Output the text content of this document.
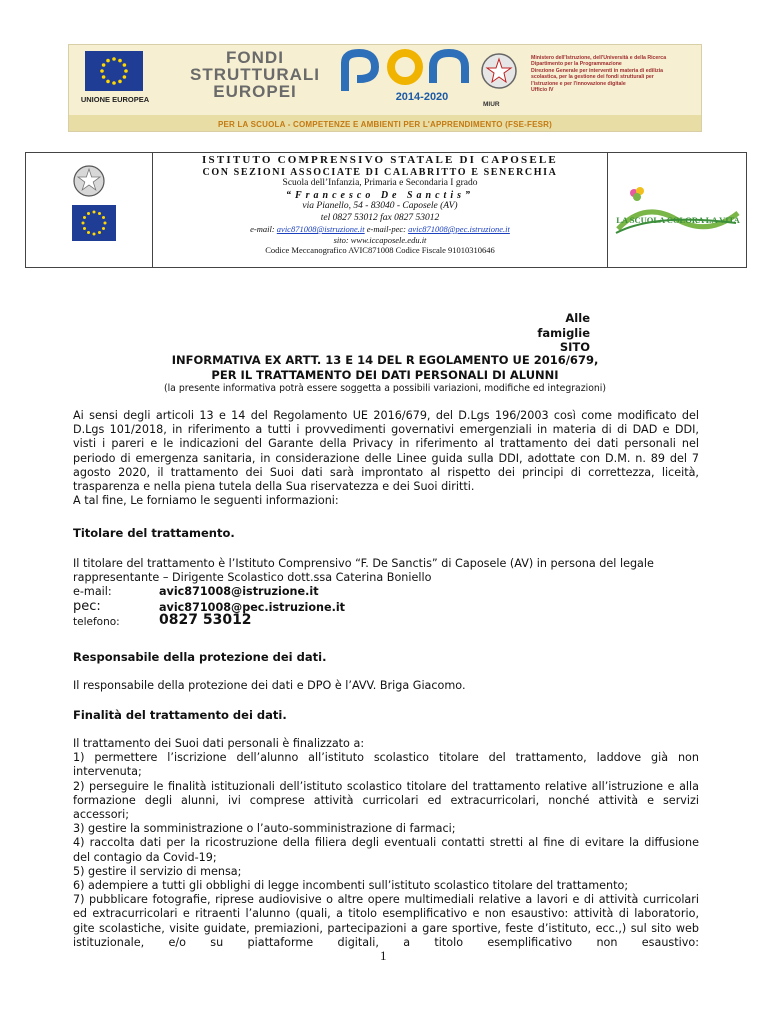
UNIONE EUROPEA
FONDI
STRUTTURALI
EUROPEI	2014-2020
MIUR
Ministero dell'Istruzione, dell'Università e della Ricerca
Dipartimento per la Programmazione
Direzione Generale per interventi in materia di edilizia
scolastica, per la gestione dei fondi strutturali per
l'istruzione e per l'innovazione digitale
Ufficio IV
PER LA SCUOLA - COMPETENZE E AMBIENTI PER L'APPRENDIMENTO (FSE-FESR)
ISTITUTO COMPRENSIVO STATALE DI CAPOSELE
CON SEZIONI ASSOCIATE DI CALABRITTO E SENERCHIA
Scuola dell’Infanzia, Primaria e Secondaria I grado
“Francesco De Sanctis”
via Pianello, 54 - 83040 - Caposele (AV)
tel 0827 53012 fax 0827 53012
e-mail: avic871008@istruzione.it e-mail-pec: avic871008@pec.istruzione.it
sito: www.iccaposele.edu.it
Codice Meccanografico AVIC871008 Codice Fiscale 91010310646
LA SCUOLA COLORA LA VITA
Alle famiglie
SITO
INFORMATIVA EX ARTT. 13 E 14 DEL R EGOLAMENTO UE 2016/679,
PER IL TRATTAMENTO DEI DATI PERSONALI DI ALUNNI
(la presente informativa potrà essere soggetta a possibili variazioni, modifiche ed integrazioni)
Ai sensi degli articoli 13 e 14 del Regolamento UE 2016/679, del D.Lgs 196/2003 così come modificato del
D.Lgs 101/2018, in riferimento a tutti i provvedimenti governativi emergenziali in materia di di DAD e DDI,
visti i pareri e le indicazioni del Garante della Privacy in riferimento al trattamento dei dati personali nel
periodo di emergenza sanitaria, in considerazione delle Linee guida sulla DDI, adottate con D.M. n. 89 del 7
agosto 2020, il trattamento dei Suoi dati sarà improntato al rispetto dei principi di correttezza, liceità,
trasparenza e nella piena tutela della Sua riservatezza e dei Suoi diritti.
A tal fine, Le forniamo le seguenti informazioni:
Titolare del trattamento.
Il titolare del trattamento è l’Istituto Comprensivo “F. De Sanctis” di Caposele (AV) in persona del legale
rappresentante – Dirigente Scolastico dott.ssa Caterina Boniello
e-mail:	avic871008@istruzione.it
pec:	avic871008@pec.istruzione.it
telefono:	0827 53012
Responsabile della protezione dei dati.
Il responsabile della protezione dei dati e DPO è l’AVV. Briga Giacomo.
Finalità del trattamento dei dati.
Il trattamento dei Suoi dati personali è finalizzato a:
1) permettere l’iscrizione dell’alunno all’istituto scolastico titolare del trattamento, laddove già non
intervenuta;
2) perseguire le finalità istituzionali dell’istituto scolastico titolare del trattamento relative all’istruzione e alla
formazione degli alunni, ivi comprese attività curricolari ed extracurricolari, nonché attività e servizi
accessori;
3) gestire la somministrazione o l’auto-somministrazione di farmaci;
4) raccolta dati per la ricostruzione della filiera degli eventuali contatti stretti al fine di evitare la diffusione
del contagio da Covid-19;
5) gestire il servizio di mensa;
6) adempiere a tutti gli obblighi di legge incombenti sull’istituto scolastico titolare del trattamento;
7) pubblicare fotografie, riprese audiovisive o altre opere multimediali relative a lavori e di attività curricolari
ed extracurricolari e ritraenti l’alunno (quali, a titolo esemplificativo e non esaustivo: attività di laboratorio,
gite scolastiche, visite guidate, premiazioni, partecipazioni a gare sportive, feste d’istituto, ecc.,) sul sito web
istituzionale, e/o su piattaforme digitali, a titolo esemplificativo non esaustivo:
1
